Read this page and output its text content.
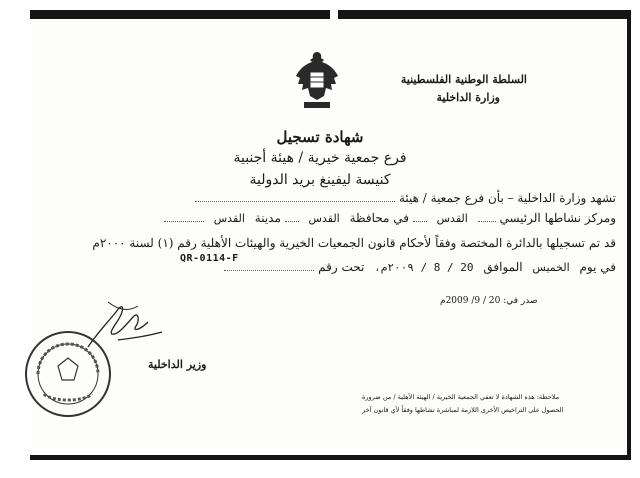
السلطة الوطنية الفلسطينية
وزارة الداخلية
شهادة تسجيل
فرع جمعية خيرية / هيئة أجنبية
كنيسة ليفينغ بريد الدولية
تشهد وزارة الداخلية – بأن فرع جمعية / هيئة
ومركز نشاطها الرئيسي  القدس  في محافظة القدس  مدينة القدس
قد تم تسجيلها بالدائرة المختصة وفقاً لأحكام قانون الجمعيات الخيرية والهيئات الأهلية رقم (١) لسنة ٢٠٠٠م
في يوم الخميس الموافق 20 / 8 / ٢٠٠٩م، تحت رقم
QR-0114-F
صدر في: 20 / 9/ 2009م
وزير الداخلية
ملاحظة: هذه الشهادة لا تعفي الجمعية الخيرية / الهيئة الأهلية / من ضرورة
الحصول على التراخيص الأخرى اللازمة لمباشرة نشاطها وفقاً لأي قانون آخر
